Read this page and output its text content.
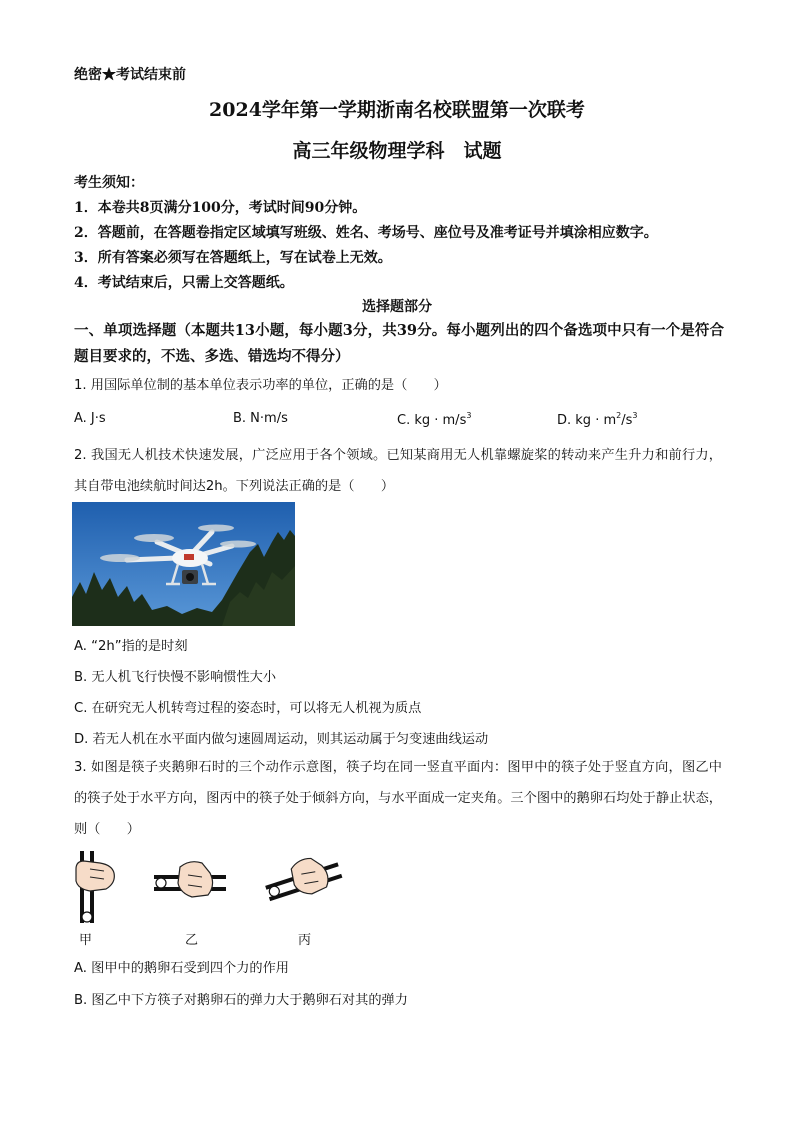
绝密★考试结束前
2024学年第一学期浙南名校联盟第一次联考
高三年级物理学科　试题
考生须知：
1．本卷共8页满分100分，考试时间90分钟。
2．答题前，在答题卷指定区域填写班级、姓名、考场号、座位号及准考证号并填涂相应数字。
3．所有答案必须写在答题纸上，写在试卷上无效。
4．考试结束后，只需上交答题纸。
选择题部分
一、单项选择题（本题共13小题，每小题3分，共39分。每小题列出的四个备选项中只有一个是符合题目要求的，不选、多选、错选均不得分）
1. 用国际单位制的基本单位表示功率的单位，正确的是（　　）
A. J·s	B. N·m/s	C. kg · $m/s^3$	D. kg · $m^2/s^3$
2. 我国无人机技术快速发展，广泛应用于各个领域。已知某商用无人机靠螺旋桨的转动来产生升力和前行力，其自带电池续航时间达2h。下列说法正确的是（　　）
A. “2h”指的是时刻
B. 无人机飞行快慢不影响惯性大小
C. 在研究无人机转弯过程的姿态时，可以将无人机视为质点
D. 若无人机在水平面内做匀速圆周运动，则其运动属于匀变速曲线运动
3. 如图是筷子夹鹅卵石时的三个动作示意图，筷子均在同一竖直平面内：图甲中的筷子处于竖直方向，图乙中的筷子处于水平方向，图丙中的筷子处于倾斜方向，与水平面成一定夹角。三个图中的鹅卵石均处于静止状态，则（　　）
甲	乙	丙
A. 图甲中的鹅卵石受到四个力的作用
B. 图乙中下方筷子对鹅卵石的弹力大于鹅卵石对其的弹力
